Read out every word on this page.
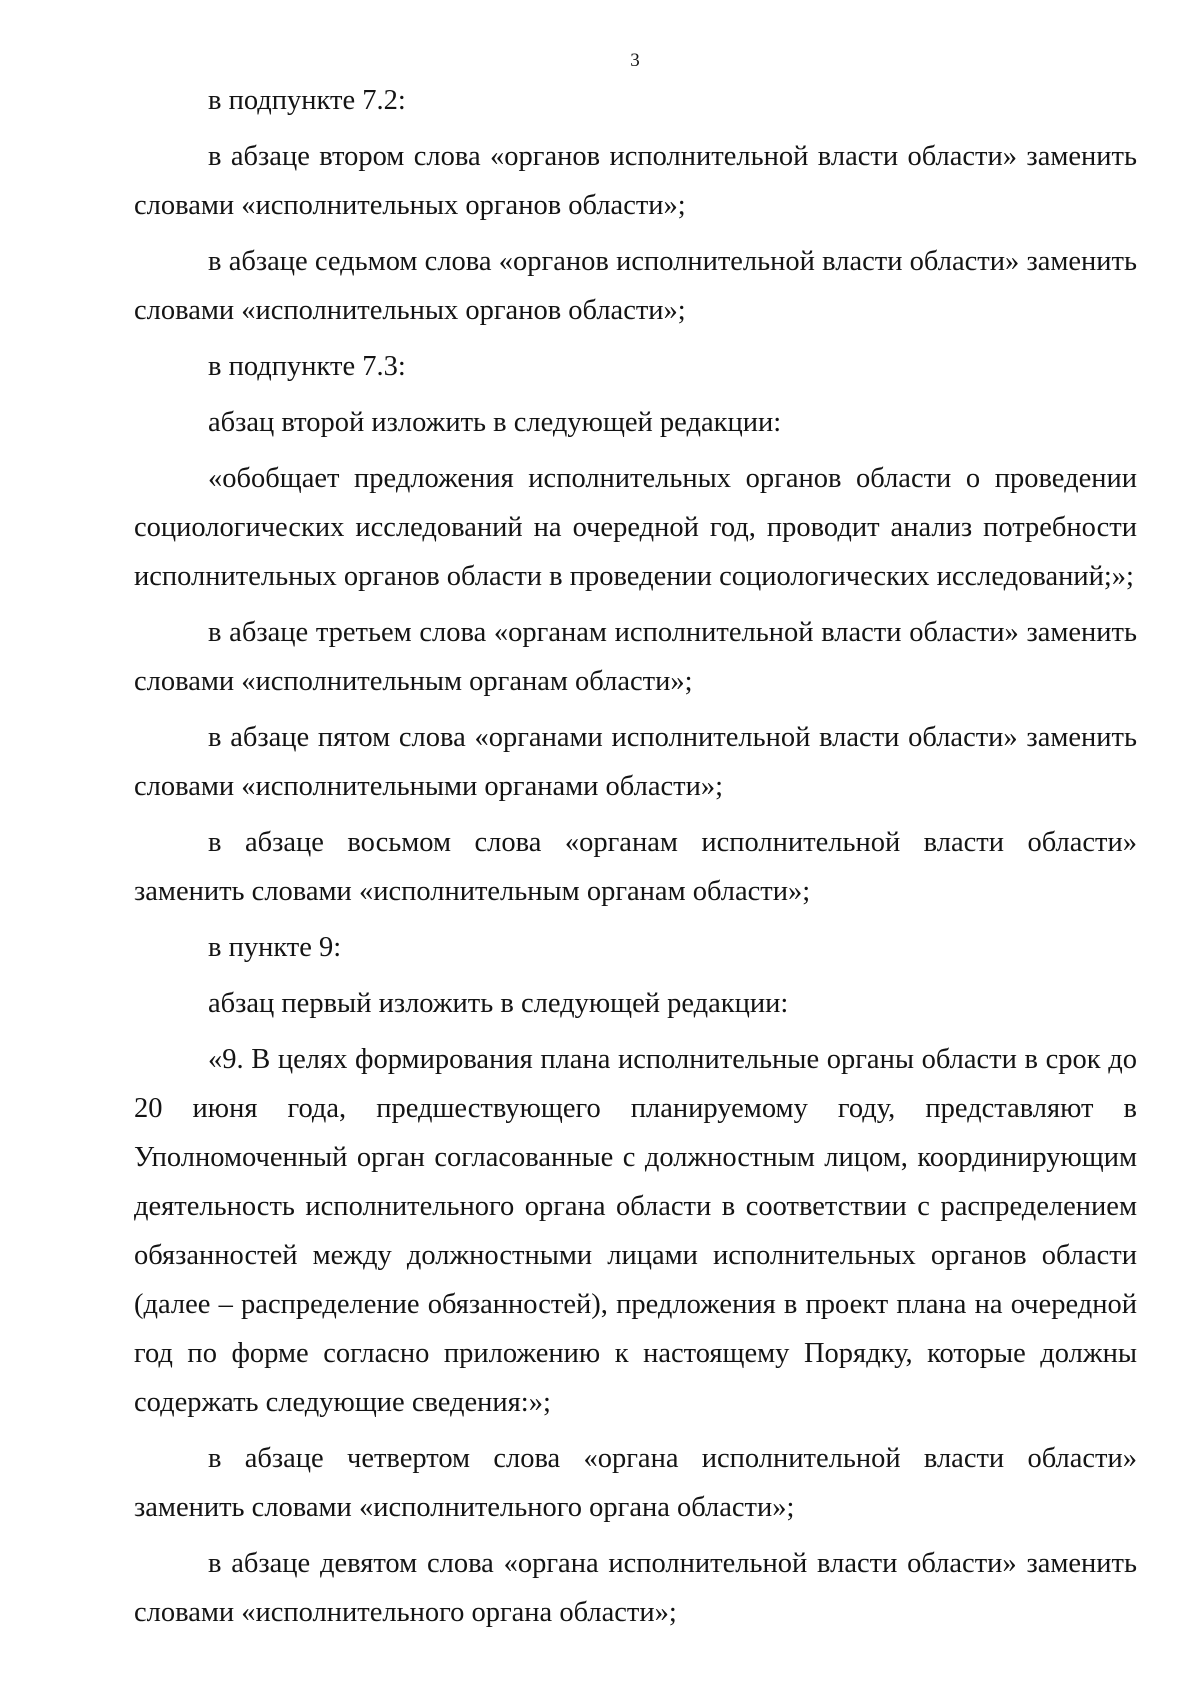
3

в подпункте 7.2:

в абзаце втором слова «органов исполнительной власти области» заменить словами «исполнительных органов области»;

в абзаце седьмом слова «органов исполнительной власти области» заменить словами «исполнительных органов области»;

в подпункте 7.3:

абзац второй изложить в следующей редакции:

«обобщает предложения исполнительных органов области о проведении социологических исследований на очередной год, проводит анализ потребности исполнительных органов области в проведении социологических исследований;»;

в абзаце третьем слова «органам исполнительной власти области» заменить словами «исполнительным органам области»;

в абзаце пятом слова «органами исполнительной власти области» заменить словами «исполнительными органами области»;

в абзаце восьмом слова «органам исполнительной власти области» заменить словами «исполнительным органам области»;

в пункте 9:

абзац первый изложить в следующей редакции:

«9. В целях формирования плана исполнительные органы области в срок до 20 июня года, предшествующего планируемому году, представляют в Уполномоченный орган согласованные с должностным лицом, координирующим деятельность исполнительного органа области в соответствии с распределением обязанностей между должностными лицами исполнительных органов области (далее – распределение обязанностей), предложения в проект плана на очередной год по форме согласно приложению к настоящему Порядку, которые должны содержать следующие сведения:»;

в абзаце четвертом слова «органа исполнительной власти области» заменить словами «исполнительного органа области»;

в абзаце девятом слова «органа исполнительной власти области» заменить словами «исполнительного органа области»;
